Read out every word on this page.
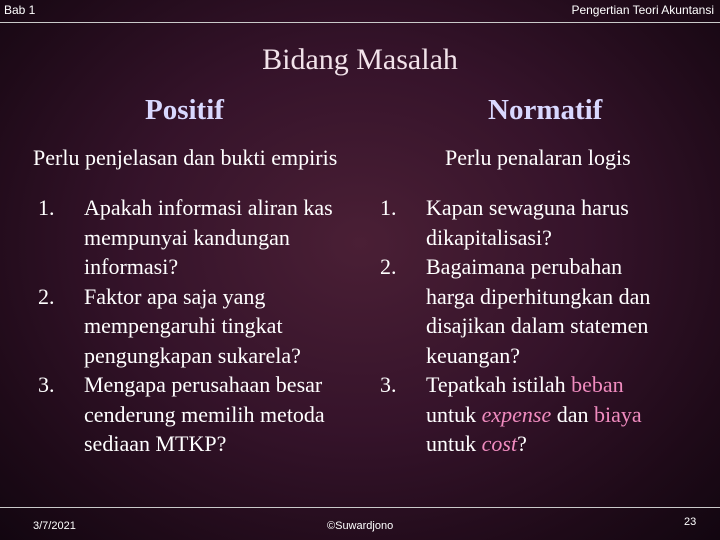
Bab 1	Pengertian Teori Akuntansi
Bidang Masalah
Positif	Normatif
Perlu penjelasan dan bukti empiris	Perlu penalaran logis
1. Apakah informasi aliran kas
mempunyai kandungan
informasi?
2. Faktor apa saja yang
mempengaruhi tingkat
pengungkapan sukarela?
3. Mengapa perusahaan besar
cenderung memilih metoda
sediaan MTKP?
1. Kapan sewaguna harus
dikapitalisasi?
2. Bagaimana perubahan
harga diperhitungkan dan
disajikan dalam statemen
keuangan?
3. Tepatkah istilah beban
untuk expense dan biaya
untuk cost?
3/7/2021	©Suwardjono	23
